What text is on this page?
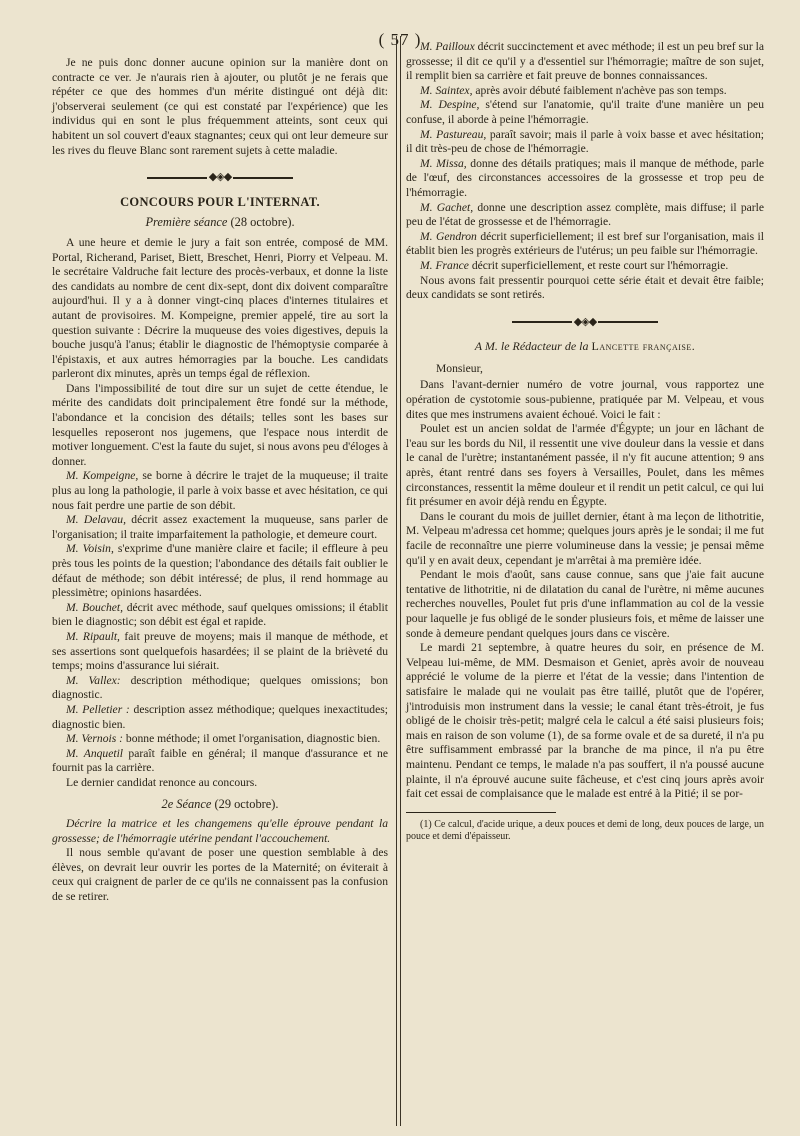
( 57 )

Je ne puis donc donner aucune opinion sur la manière dont on contracte ce ver. Je n'aurais rien à ajouter, ou plutôt je ne ferais que répéter ce que des hommes d'un mérite distingué ont déjà dit: j'observerai seulement (ce qui est constaté par l'expérience) que les individus qui en sont le plus fréquemment atteints, sont ceux qui habitent un sol couvert d'eaux stagnantes; ceux qui ont leur demeure sur les rives du fleuve Blanc sont rarement sujets à cette maladie.

◆◈◆
CONCOURS POUR L'INTERNAT.
Première séance (28 octobre).

A une heure et demie le jury a fait son entrée, composé de MM. Portal, Richerand, Pariset, Biett, Breschet, Henri, Piorry et Velpeau. M. le secrétaire Valdruche fait lecture des procès-verbaux, et donne la liste des candidats au nombre de cent dix-sept, dont dix doivent comparaître aujourd'hui. Il y a à donner vingt-cinq places d'internes titulaires et autant de provisoires. M. Kompeigne, premier appelé, tire au sort la question suivante : Décrire la muqueuse des voies digestives, depuis la bouche jusqu'à l'anus; établir le diagnostic de l'hémoptysie comparée à l'épistaxis, et aux autres hémorragies par la bouche. Les candidats parleront dix minutes, après un temps égal de réflexion.

Dans l'impossibilité de tout dire sur un sujet de cette étendue, le mérite des candidats doit principalement être fondé sur la méthode, l'abondance et la concision des détails; telles sont les bases sur lesquelles reposeront nos jugemens, que l'espace nous interdit de motiver longuement. C'est la faute du sujet, si nous avons peu d'éloges à donner.

M. Kompeigne, se borne à décrire le trajet de la muqueuse; il traite plus au long la pathologie, il parle à voix basse et avec hésitation, ce qui nous fait perdre une partie de son débit.

M. Delavau, décrit assez exactement la muqueuse, sans parler de l'organisation; il traite imparfaitement la pathologie, et demeure court.

M. Voisin, s'exprime d'une manière claire et facile; il effleure à peu près tous les points de la question; l'abondance des détails fait oublier le défaut de méthode; son débit intéressé; de plus, il rend hommage au plessimètre; opinions hasardées.

M. Bouchet, décrit avec méthode, sauf quelques omissions; il établit bien le diagnostic; son débit est égal et rapide.

M. Ripault, fait preuve de moyens; mais il manque de méthode, et ses assertions sont quelquefois hasardées; il se plaint de la brièveté du temps; moins d'assurance lui siérait.

M. Vallex: description méthodique; quelques omissions; bon diagnostic.

M. Pelletier : description assez méthodique; quelques inexactitudes; diagnostic bien.

M. Vernois : bonne méthode; il omet l'organisation, diagnostic bien.

M. Anquetil paraît faible en général; il manque d'assurance et ne fournit pas la carrière.

Le dernier candidat renonce au concours.

2e Séance (29 octobre).

Décrire la matrice et les changemens qu'elle éprouve pendant la grossesse; de l'hémorragie utérine pendant l'accouchement.

Il nous semble qu'avant de poser une question semblable à des élèves, on devrait leur ouvrir les portes de la Maternité; on éviterait à ceux qui craignent de parler de ce qu'ils ne connaissent pas la confusion de se retirer.

M. Pailloux décrit succinctement et avec méthode; il est un peu bref sur la grossesse; il dit ce qu'il y a d'essentiel sur l'hémorragie; maître de son sujet, il remplit bien sa carrière et fait preuve de bonnes connaissances.

M. Saintex, après avoir débuté faiblement n'achève pas son temps.

M. Despine, s'étend sur l'anatomie, qu'il traite d'une manière un peu confuse, il aborde à peine l'hémorragie.

M. Pastureau, paraît savoir; mais il parle à voix basse et avec hésitation; il dit très-peu de chose de l'hémorragie.

M. Missa, donne des détails pratiques; mais il manque de méthode, parle de l'œuf, des circonstances accessoires de la grossesse et trop peu de l'hémorragie.

M. Gachet, donne une description assez complète, mais diffuse; il parle peu de l'état de grossesse et de l'hémorragie.

M. Gendron décrit superficiellement; il est bref sur l'organisation, mais il établit bien les progrès extérieurs de l'utérus; un peu faible sur l'hémorragie.

M. France décrit superficiellement, et reste court sur l'hémorragie.

Nous avons fait pressentir pourquoi cette série était et devait être faible; deux candidats se sont retirés.

◆◈◆
A M. le Rédacteur de la Lancette française.

Monsieur,

Dans l'avant-dernier numéro de votre journal, vous rapportez une opération de cystotomie sous-pubienne, pratiquée par M. Velpeau, et vous dites que mes instrumens avaient échoué. Voici le fait :

Poulet est un ancien soldat de l'armée d'Égypte; un jour en lâchant de l'eau sur les bords du Nil, il ressentit une vive douleur dans la vessie et dans le canal de l'urètre; instantanément passée, il n'y fit aucune attention; 9 ans après, étant rentré dans ses foyers à Versailles, Poulet, dans les mêmes circonstances, ressentit la même douleur et il rendit un petit calcul, ce qui lui fit présumer en avoir déjà rendu en Égypte.

Dans le courant du mois de juillet dernier, étant à ma leçon de lithotritie, M. Velpeau m'adressa cet homme; quelques jours après je le sondai; il me fut facile de reconnaître une pierre volumineuse dans la vessie; je pensai même qu'il y en avait deux, cependant je m'arrêtai à ma première idée.

Pendant le mois d'août, sans cause connue, sans que j'aie fait aucune tentative de lithotritie, ni de dilatation du canal de l'urètre, ni même aucunes recherches nouvelles, Poulet fut pris d'une inflammation au col de la vessie pour laquelle je fus obligé de le sonder plusieurs fois, et même de laisser une sonde à demeure pendant quelques jours dans ce viscère.

Le mardi 21 septembre, à quatre heures du soir, en présence de M. Velpeau lui-même, de MM. Desmaison et Geniet, après avoir de nouveau apprécié le volume de la pierre et l'état de la vessie; dans l'intention de satisfaire le malade qui ne voulait pas être taillé, plutôt que de l'opérer, j'introduisis mon instrument dans la vessie; le canal étant très-étroit, je fus obligé de le choisir très-petit; malgré cela le calcul a été saisi plusieurs fois; mais en raison de son volume (1), de sa forme ovale et de sa dureté, il n'a pu être suffisamment embrassé par la branche de ma pince, il n'a pu être maintenu. Pendant ce temps, le malade n'a pas souffert, il n'a poussé aucune plainte, il n'a éprouvé aucune suite fâcheuse, et c'est cinq jours après avoir fait cet essai de complaisance que le malade est entré à la Pitié; il se por-

(1) Ce calcul, d'acide urique, a deux pouces et demi de long, deux pouces de large, un pouce et demi d'épaisseur.
